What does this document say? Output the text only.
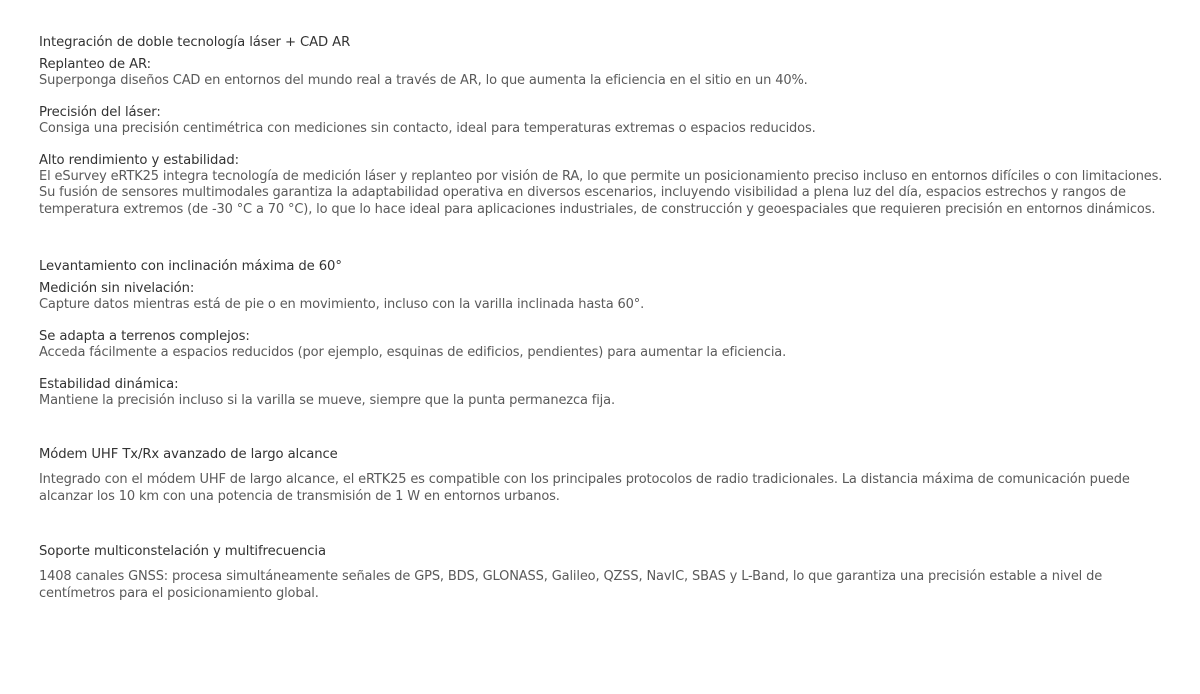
Integración de doble tecnología láser + CAD AR
Replanteo de AR:

Superponga diseños CAD en entornos del mundo real a través de AR, lo que aumenta la eficiencia en el sitio en un 40%.

Precisión del láser:

Consiga una precisión centimétrica con mediciones sin contacto, ideal para temperaturas extremas o espacios reducidos.

Alto rendimiento y estabilidad:

El eSurvey eRTK25 integra tecnología de medición láser y replanteo por visión de RA, lo que permite un posicionamiento preciso incluso en entornos difíciles o con limitaciones. Su fusión de sensores multimodales garantiza la adaptabilidad operativa en diversos escenarios, incluyendo visibilidad a plena luz del día, espacios estrechos y rangos de temperatura extremos (de -30 °C a 70 °C), lo que lo hace ideal para aplicaciones industriales, de construcción y geoespaciales que requieren precisión en entornos dinámicos.

Levantamiento con inclinación máxima de 60°
Medición sin nivelación:

Capture datos mientras está de pie o en movimiento, incluso con la varilla inclinada hasta 60°.

Se adapta a terrenos complejos:

Acceda fácilmente a espacios reducidos (por ejemplo, esquinas de edificios, pendientes) para aumentar la eficiencia.

Estabilidad dinámica:

Mantiene la precisión incluso si la varilla se mueve, siempre que la punta permanezca fija.

Módem UHF Tx/Rx avanzado de largo alcance

Integrado con el módem UHF de largo alcance, el eRTK25 es compatible con los principales protocolos de radio tradicionales. La distancia máxima de comunicación puede alcanzar los 10 km con una potencia de transmisión de 1 W en entornos urbanos.

Soporte multiconstelación y multifrecuencia

1408 canales GNSS: procesa simultáneamente señales de GPS, BDS, GLONASS, Galileo, QZSS, NavIC, SBAS y L-Band, lo que garantiza una precisión estable a nivel de centímetros para el posicionamiento global.
